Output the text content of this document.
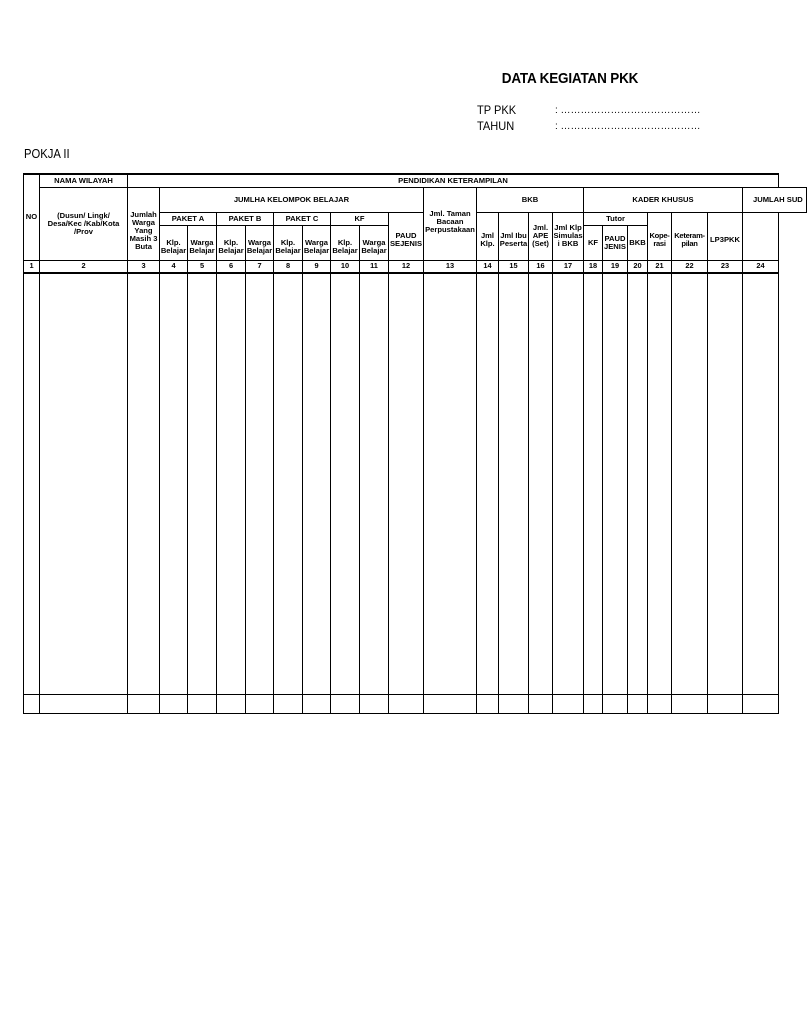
DATA KEGIATAN PKK
TP PKK	: ……………………………………
TAHUN	: ……………………………………
POKJA II
NO	NAMA WILAYAH	PENDIDIKAN KETERAMPILAN																					
	(Dusun/ Lingk/ Desa/Kec /Kab/Kota /Prov	Jumlah Warga Yang Masih 3 Buta	JUMLHA KELOMPOK BELAJAR									Jml. Taman Bacaan Perpustakaan	BKB				KADER KHUSUS						JUMLAH SUD
			PAKET A		PAKET B		PAKET C		KF		PAUD SEJENIS		Jml Klp.	Jml Ibu Peserta	Jml. APE (Set)	Jml Klp Simulas i BKB	Tutor			Kope- rasi	Keteram- pilan	LP3PKK	
			Klp. Belajar	Warga Belajar	Klp. Belajar	Warga Belajar	Klp. Belajar	Warga Belajar	Klp. Belajar	Warga Belajar							KF	PAUD JENIS	BKB				
1	2	3	4	5	6	7	8	9	10	11	12	13	14	15	16	17	18	19	20	21	22	23	24
